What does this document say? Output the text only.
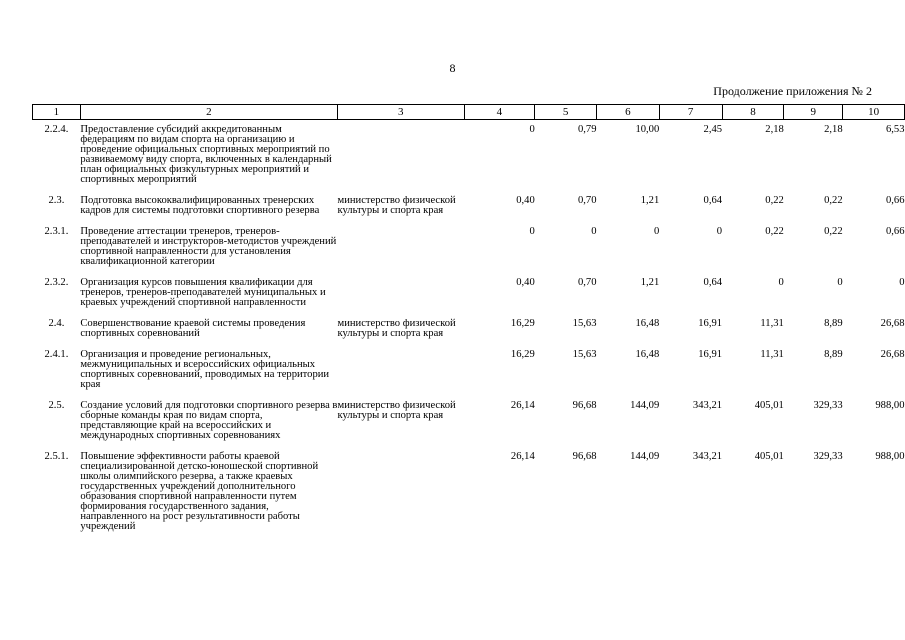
8
Продолжение приложения № 2
1	2	3	4	5	6	7	8	9	10
2.2.4.	Предоставление субсидий аккредитованным федерациям по видам спорта на организацию и проведение официальных спортивных мероприятий по развиваемому виду спорта, включенных в календарный план официальных физкультурных мероприятий и спортивных мероприятий		0	0,79	10,00	2,45	2,18	2,18	6,53
2.3.	Подготовка высококвалифицированных тренерских кадров для системы подготовки спортивного резерва	министерство физической культуры и спорта края	0,40	0,70	1,21	0,64	0,22	0,22	0,66
2.3.1.	Проведение аттестации тренеров, тренеров-преподавателей и инструкторов-методистов учреждений спортивной направленности для установления квалификационной категории		0	0	0	0	0,22	0,22	0,66
2.3.2.	Организация курсов повышения квалификации для тренеров, тренеров-преподавателей муниципальных и краевых учреждений спортивной направленности		0,40	0,70	1,21	0,64	0	0	0
2.4.	Совершенствование краевой системы проведения спортивных соревнований	министерство физической культуры и спорта края	16,29	15,63	16,48	16,91	11,31	8,89	26,68
2.4.1.	Организация и проведение региональных, межмуниципальных и всероссийских официальных спортивных соревнований, проводимых на территории края		16,29	15,63	16,48	16,91	11,31	8,89	26,68
2.5.	Создание условий для подготовки спортивного резерва в сборные команды края по видам спорта, представляющие край на всероссийских и международных спортивных соревнованиях	министерство физической культуры и спорта края	26,14	96,68	144,09	343,21	405,01	329,33	988,00
2.5.1.	Повышение эффективности работы краевой специализированной детско-юношеской спортивной школы олимпийского резерва, а также краевых государственных учреждений дополнительного образования спортивной направленности путем формирования государственного задания, направленного на рост результативности работы учреждений		26,14	96,68	144,09	343,21	405,01	329,33	988,00
